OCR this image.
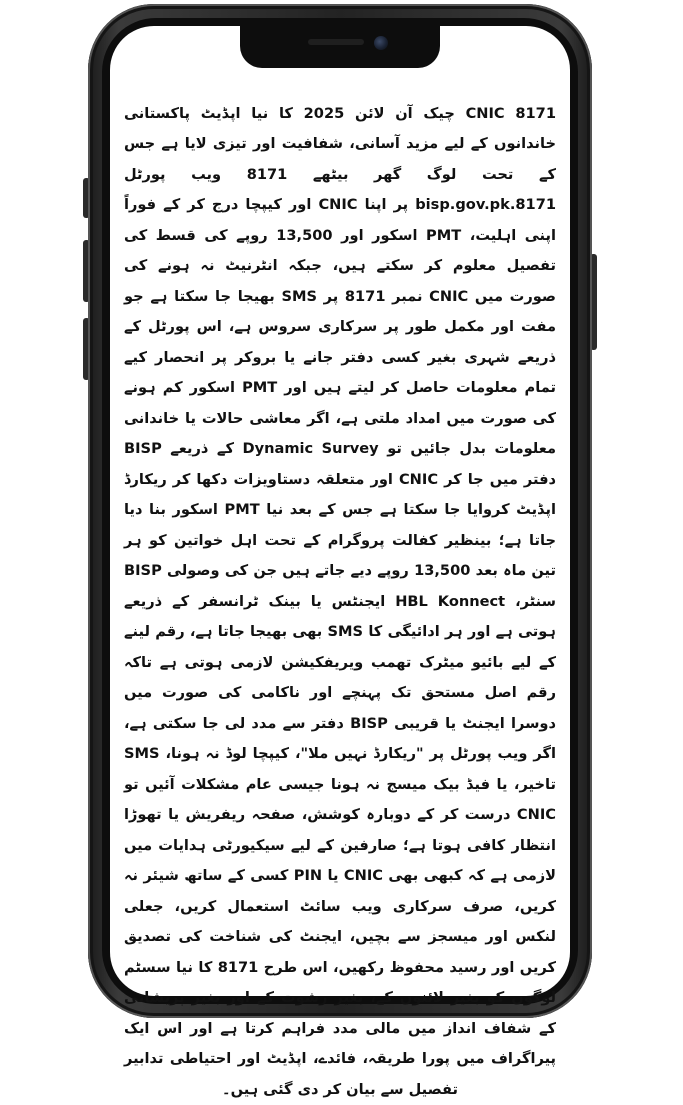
CNIC 8171 چیک آن لائن 2025 کا نیا اپڈیٹ پاکستانی خاندانوں کے لیے مزید آسانی، شفافیت اور تیزی لایا ہے جس کے تحت لوگ گھر بیٹھے 8171 ویب پورٹل bisp.gov.pk.8171 پر اپنا CNIC اور کیپچا درج کر کے فوراً اپنی اہلیت، PMT اسکور اور 13,500 روپے کی قسط کی تفصیل معلوم کر سکتے ہیں، جبکہ انٹرنیٹ نہ ہونے کی صورت میں CNIC نمبر 8171 پر SMS بھیجا جا سکتا ہے جو مفت اور مکمل طور پر سرکاری سروس ہے، اس پورٹل کے ذریعے شہری بغیر کسی دفتر جانے یا بروکر پر انحصار کیے تمام معلومات حاصل کر لیتے ہیں اور PMT اسکور کم ہونے کی صورت میں امداد ملتی ہے، اگر معاشی حالات یا خاندانی معلومات بدل جائیں تو Dynamic Survey کے ذریعے BISP دفتر میں جا کر CNIC اور متعلقہ دستاویزات دکھا کر ریکارڈ اپڈیٹ کروایا جا سکتا ہے جس کے بعد نیا PMT اسکور بنا دیا جاتا ہے؛ بینظیر کفالت پروگرام کے تحت اہل خواتین کو ہر تین ماہ بعد 13,500 روپے دیے جاتے ہیں جن کی وصولی BISP سنٹر، HBL Konnect ایجنٹس یا بینک ٹرانسفر کے ذریعے ہوتی ہے اور ہر ادائیگی کا SMS بھی بھیجا جاتا ہے، رقم لینے کے لیے بائیو میٹرک تھمب ویریفکیشن لازمی ہوتی ہے تاکہ رقم اصل مستحق تک پہنچے اور ناکامی کی صورت میں دوسرا ایجنٹ یا قریبی BISP دفتر سے مدد لی جا سکتی ہے، اگر ویب پورٹل پر "ریکارڈ نہیں ملا"، کیپچا لوڈ نہ ہونا، SMS تاخیر، یا فیڈ بیک میسج نہ ہونا جیسی عام مشکلات آئیں تو CNIC درست کر کے دوبارہ کوشش، صفحہ ریفریش یا تھوڑا انتظار کافی ہوتا ہے؛ صارفین کے لیے سیکیورٹی ہدایات میں لازمی ہے کہ کبھی بھی CNIC یا PIN کسی کے ساتھ شیئر نہ کریں، صرف سرکاری ویب سائٹ استعمال کریں، جعلی لنکس اور میسجز سے بچیں، ایجنٹ کی شناخت کی تصدیق کریں اور رسید محفوظ رکھیں، اس طرح 8171 کا نیا سسٹم لوگوں کو بغیر لائنوں کے، بغیر رشوت کے اور بغیر پریشانی کے شفاف انداز میں مالی مدد فراہم کرتا ہے اور اس ایک پیراگراف میں پورا طریقہ، فائدے، اپڈیٹ اور احتیاطی تدابیر تفصیل سے بیان کر دی گئی ہیں۔
